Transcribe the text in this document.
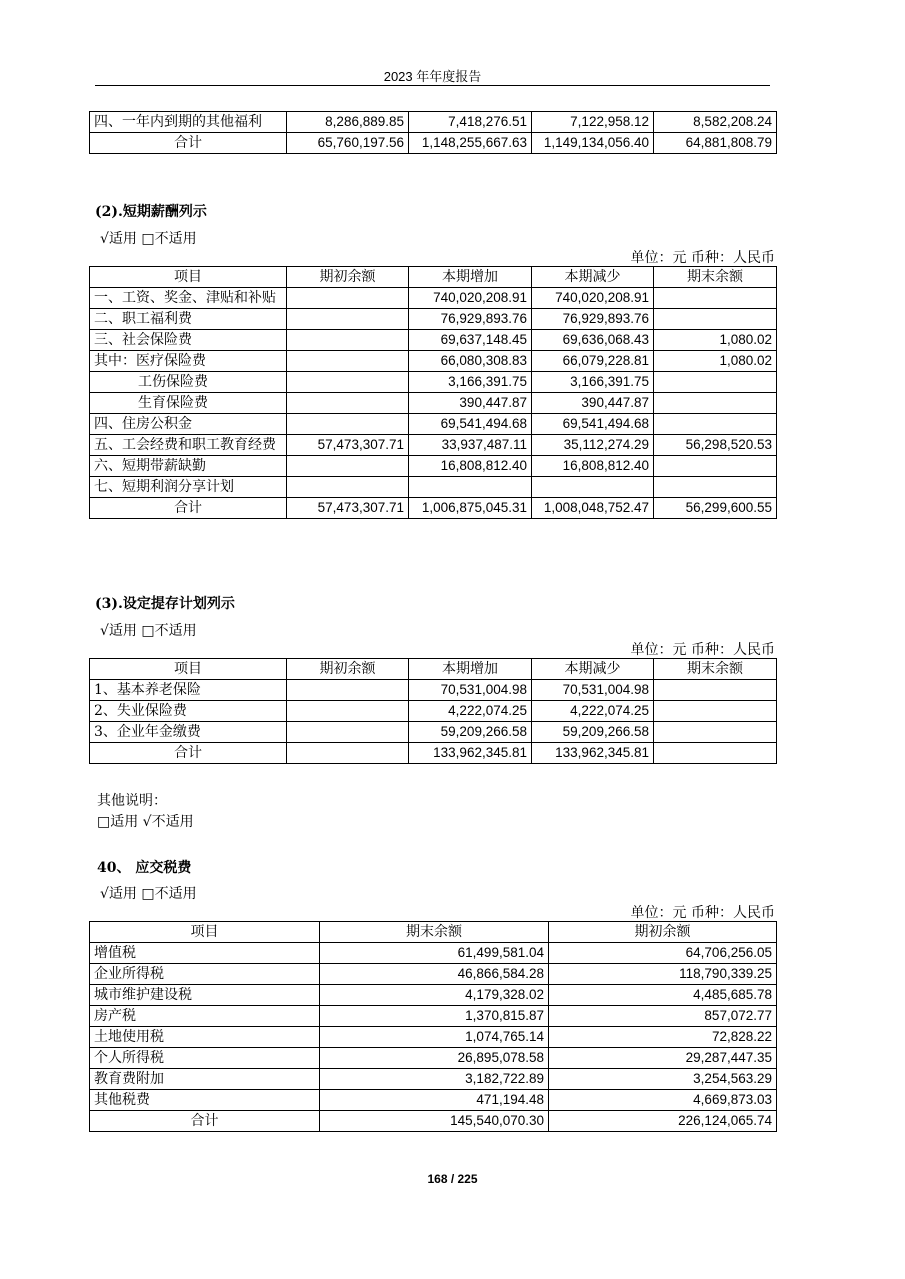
2023 年年度报告
四、一年内到期的其他福利	8,286,889.85	7,418,276.51	7,122,958.12	8,582,208.24
合计	65,760,197.56	1,148,255,667.63	1,149,134,056.40	64,881,808.79
(2).短期薪酬列示
√适用 □不适用
单位：元 币种：人民币
项目	期初余额	本期增加	本期减少	期末余额
一、工资、奖金、津贴和补贴		740,020,208.91	740,020,208.91	
二、职工福利费		76,929,893.76	76,929,893.76	
三、社会保险费		69,637,148.45	69,636,068.43	1,080.02
其中：医疗保险费		66,080,308.83	66,079,228.81	1,080.02
工伤保险费		3,166,391.75	3,166,391.75	
生育保险费		390,447.87	390,447.87	
四、住房公积金		69,541,494.68	69,541,494.68	
五、工会经费和职工教育经费	57,473,307.71	33,937,487.11	35,112,274.29	56,298,520.53
六、短期带薪缺勤		16,808,812.40	16,808,812.40	
七、短期利润分享计划				
合计	57,473,307.71	1,006,875,045.31	1,008,048,752.47	56,299,600.55
(3).设定提存计划列示
√适用 □不适用
单位：元 币种：人民币
项目	期初余额	本期增加	本期减少	期末余额
1、基本养老保险		70,531,004.98	70,531,004.98	
2、失业保险费		4,222,074.25	4,222,074.25	
3、企业年金缴费		59,209,266.58	59,209,266.58	
合计		133,962,345.81	133,962,345.81	
其他说明：
□适用 √不适用
40、 应交税费
√适用 □不适用
单位：元 币种：人民币
项目	期末余额	期初余额
增值税	61,499,581.04	64,706,256.05
企业所得税	46,866,584.28	118,790,339.25
城市维护建设税	4,179,328.02	4,485,685.78
房产税	1,370,815.87	857,072.77
土地使用税	1,074,765.14	72,828.22
个人所得税	26,895,078.58	29,287,447.35
教育费附加	3,182,722.89	3,254,563.29
其他税费	471,194.48	4,669,873.03
合计	145,540,070.30	226,124,065.74
168 / 225
